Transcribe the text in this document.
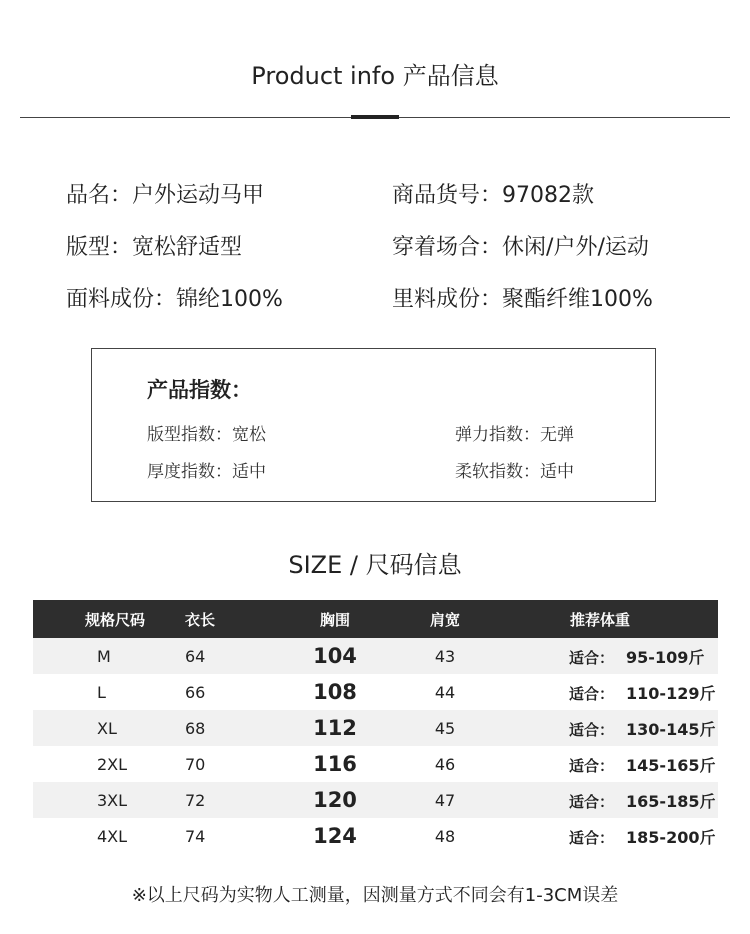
Product info 产品信息
品名 ：	户外运动马甲	商品货号 ：	97082款
版型 ：	宽松舒适型	穿着场合 ：	休闲/户外/运动
面料成份 ：	锦纶100%	里料成份 ：	聚酯纤维100%
产品指数：
版型指数 ： 宽松	弹力指数 ： 无弹
厚度指数 ： 适中	柔软指数 ： 适中
SIZE / 尺码信息
规格尺码	衣长	胸围	肩宽	推荐体重
M	64	104	43	适合 ： 95-109斤
L	66	108	44	适合 ： 110-129斤
XL	68	112	45	适合 ： 130-145斤
2XL	70	116	46	适合 ： 145-165斤
3XL	72	120	47	适合 ： 165-185斤
4XL	74	124	48	适合 ： 185-200斤
※以上尺码为实物人工测量，因测量方式不同会有1-3CM误差
